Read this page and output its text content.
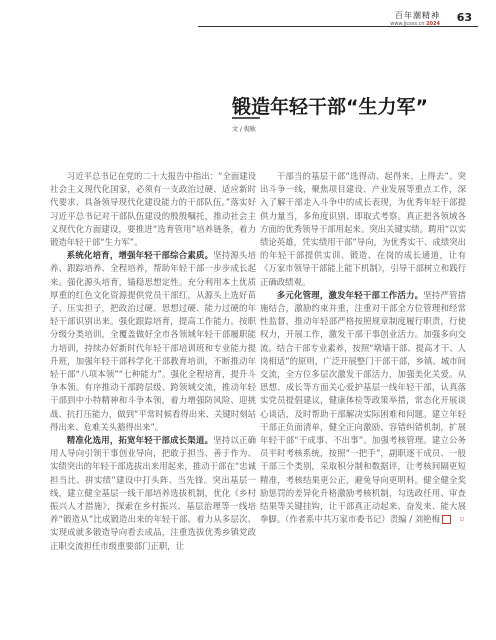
百年潮精神
www.jjcsss.cn 2024 63
锻造年轻干部“生力军”
文 / 倪耿

习近平总书记在党的二十大报告中指出：“全面建设社会主义现代化国家，必须有一支政治过硬、适应新时代要求、具备领导现代化建设能力的干部队伍。”落实好习近平总书记对干部队伍建设的殷殷嘱托，推动社会主义现代化方面建设，要推进“选育管用”培养链条，着力锻造年轻干部“生力军”。

系统化培育，增强年轻干部综合素质。坚持源头培养、跟踪培养、全程培养，帮助年轻干部一步步成长起来。强化源头培育，锚稳思想定性。充分利用本土优质厚重的红色文化资源提供党员干部红，从源头上选好苗子、压实担子，把政治过硬、思想过硬、能力过硬的年轻干部识别出来。强化跟踪培育，提高工作能力。按职分级分类培训，全覆盖做好全市各领域年轻干部履职能力培训，持续办好新时代年轻干部培训班和专业能力提升班，加强年轻干部科学化干部教育培训，不断推动年轻干部“八项本领”“七种能力”。强化全程培育，提升斗争本领。有序推动干部跨层级、跨领域交流，推动年轻干部到中小特精神和斗争本领，着力增强防风险、迎挑战、抗打压能力，做到“平常时候看得出来、关键时刻站得出来、危难关头豁得出来”。

精准化选用，拓宽年轻干部成长渠道。坚持以正确用人导向引领干事创业导向，把敢于担当、善于作为、实绩突出的年轻干部选拔出来用起来，推动干部在“忠诚担当比、拼实绩”建设中打头阵、当先锋。突出基层一线，建立健全基层一线干部培养选拔机制，优化《乡村振兴人才措施》，探索在乡村振兴、基层治理等一线培养“锻造从”比成锻造出来的年轻干部。着力从多层次、实现成就多锻造导向看去成品，注重选拔优秀乡镇党政正职交流担任市级重要部门正职，让

干部当的基层干部“选得动、起得来、上得去”。突出斗争一线，聚焦项目建设、产业发展等重点工作，深入了解干部走入斗争中的成长表现，为优秀年轻干部提供力量当，多角度识别、即取式考察。真正把各领域各方面的优秀领导干部用起来。突出关键实绩。聘用“以实绩论英雄，凭实绩用干部”导向，为优秀实干、成绩突出的年轻干部提供实训、锻造、在岗的成长通道，让有《万家市领导干部能上能下机制》，引导干部树立和践行正确政绩观。

多元化管理，激发年轻干部工作活力。坚持严管措施结合，激励约束并重，注重对干部全方位管理和经常性监督，推动年轻部严格按照规章制度履行职责，行使权力，开展工作，激发干部干事创业活力。加强多向交流。结合干部专业素养，按照“墩墙干部、提高才干、人岗相适”的原则，广泛开展整门干部干部，乡镇、城市间交流，全方位多层次激发干部活力，加强美化关爱。从思想、成长等方面关心爱护基层一线年轻干部，认真落实党员提倡建议，健康体检等政策举措，常态化开展谈心谈话，及时帮助干部解决实际困难和问题。建立年轻干部正负面清单，健全正向激励、容错纠错机制，扩展年轻干部“干成事、不出事”。加强考核管理。建立公务员平时考核系统，按照“一把手”，副职逐干成员、一般干部三个类别，采取积分制和数据评，让考核间隔更短精准，考核结果更公正，避免导向更明科。健全健全奖励惩罚的差异化升格激励考核机制，勾选政任用、审查结果等关键挂钩，让干部真正动起来、奋发来、能大展拳脚。（作者系中共万家市委书记）责编 / 刘艳梅	◻
